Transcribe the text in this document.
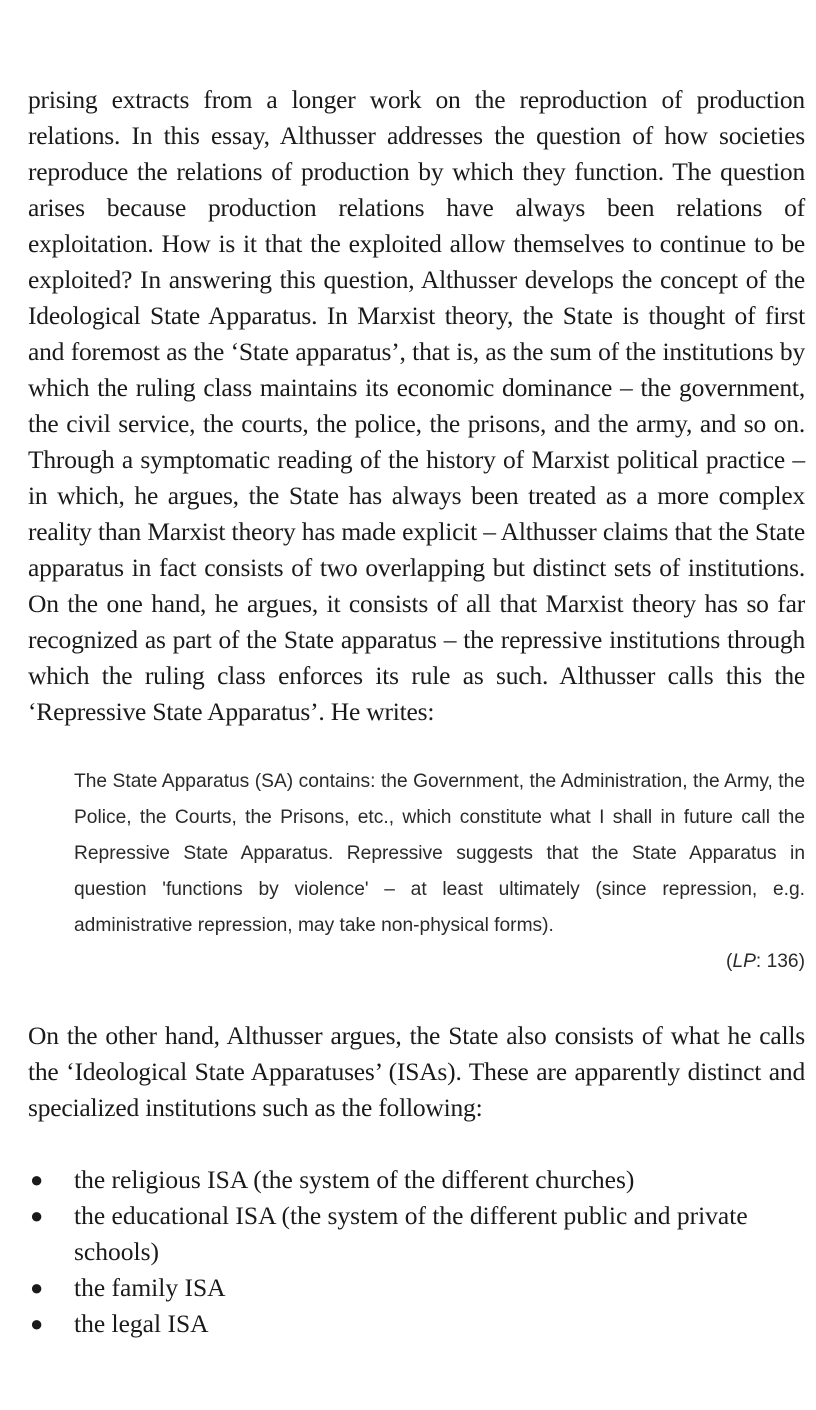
prising extracts from a longer work on the reproduction of production relations. In this essay, Althusser addresses the question of how societies reproduce the relations of production by which they function. The question arises because production relations have always been relations of exploitation. How is it that the exploited allow themselves to continue to be exploited? In answering this question, Althusser develops the concept of the Ideological State Apparatus. In Marxist theory, the State is thought of first and foremost as the ‘State apparatus’, that is, as the sum of the institutions by which the ruling class maintains its economic dominance – the government, the civil service, the courts, the police, the prisons, and the army, and so on. Through a symptomatic reading of the history of Marxist political practice – in which, he argues, the State has always been treated as a more complex reality than Marxist theory has made explicit – Althusser claims that the State apparatus in fact consists of two overlapping but distinct sets of institutions. On the one hand, he argues, it consists of all that Marxist theory has so far recognized as part of the State apparatus – the repressive institutions through which the ruling class enforces its rule as such. Althusser calls this the ‘Repressive State Apparatus’. He writes:

The State Apparatus (SA) contains: the Government, the Administration, the Army, the Police, the Courts, the Prisons, etc., which constitute what I shall in future call the Repressive State Apparatus. Repressive suggests that the State Apparatus in question 'functions by violence' – at least ultimately (since repression, e.g. administrative repression, may take non-physical forms).

(LP: 136)

On the other hand, Althusser argues, the State also consists of what he calls the ‘Ideological State Apparatuses’ (ISAs). These are apparently distinct and specialized institutions such as the following:

● the religious ISA (the system of the different churches)
● the educational ISA (the system of the different public and private schools)
● the family ISA
● the legal ISA
